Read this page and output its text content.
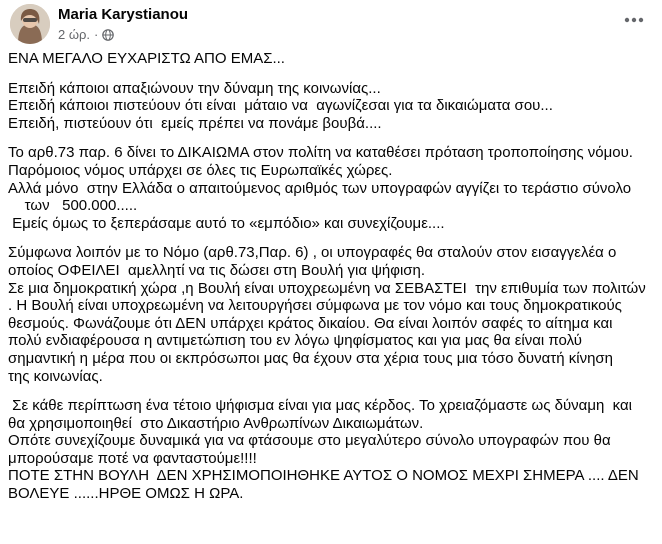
Maria Karystianou
2 ώρ. ·
ΕΝΑ ΜΕΓΑΛΟ ΕΥΧΑΡΙΣΤΩ ΑΠΟ ΕΜΑΣ...
Επειδή κάποιοι απαξιώνουν την δύναμη της κοινωνίας...
Επειδή κάποιοι πιστεύουν ότι είναι  μάταιο να  αγωνίζεσαι για τα δικαιώματα σου...
Επειδή, πιστεύουν ότι  εμείς πρέπει να πονάμε βουβά....
Το αρθ.73 παρ. 6 δίνει το ΔΙΚΑΙΩΜΑ στον πολίτη να καταθέσει πρόταση τροποποίησης νόμου.
Παρόμοιος νόμος υπάρχει σε όλες τις Ευρωπαϊκές χώρες.
Αλλά μόνο  στην Ελλάδα ο απαιτούμενος αριθμός των υπογραφών αγγίζει το τεράστιο σύνολο
των   500.000.....
Εμείς όμως το ξεπεράσαμε αυτό το «εμπόδιο» και συνεχίζουμε....
Σύμφωνα λοιπόν με το Νόμο (αρθ.73,Παρ. 6) , οι υπογραφές θα σταλούν στον εισαγγελέα ο
οποίος ΟΦΕΙΛΕΙ  αμελλητί να τις δώσει στη Βουλή για ψήφιση.
Σε μια δημοκρατική χώρα ,η Βουλή είναι υποχρεωμένη να ΣΕΒΑΣΤΕΙ  την επιθυμία των πολιτών
. Η Βουλή είναι υποχρεωμένη να λειτουργήσει σύμφωνα με τον νόμο και τους δημοκρατικούς
θεσμούς. Φωνάζουμε ότι ΔΕΝ υπάρχει κράτος δικαίου. Θα είναι λοιπόν σαφές το αίτημα και
πολύ ενδιαφέρουσα η αντιμετώπιση του εν λόγω ψηφίσματος και για μας θα είναι πολύ
σημαντική η μέρα που οι εκπρόσωποι μας θα έχουν στα χέρια τους μια τόσο δυνατή κίνηση
της κοινωνίας.
Σε κάθε περίπτωση ένα τέτοιο ψήφισμα είναι για μας κέρδος. Το χρειαζόμαστε ως δύναμη  και
θα χρησιμοποιηθεί  στο Δικαστήριο Ανθρωπίνων Δικαιωμάτων.
Οπότε συνεχίζουμε δυναμικά για να φτάσουμε στο μεγαλύτερο σύνολο υπογραφών που θα
μπορούσαμε ποτέ να φανταστούμε!!!!
ΠΟΤΕ ΣΤΗΝ ΒΟΥΛΗ  ΔΕΝ ΧΡΗΣΙΜΟΠΟΙΗΘΗΚΕ ΑΥΤΟΣ Ο ΝΟΜΟΣ ΜΕΧΡΙ ΣΗΜΕΡΑ .... ΔΕΝ
ΒΟΛΕΥΕ ......ΗΡΘΕ ΟΜΩΣ Η ΩΡΑ.
